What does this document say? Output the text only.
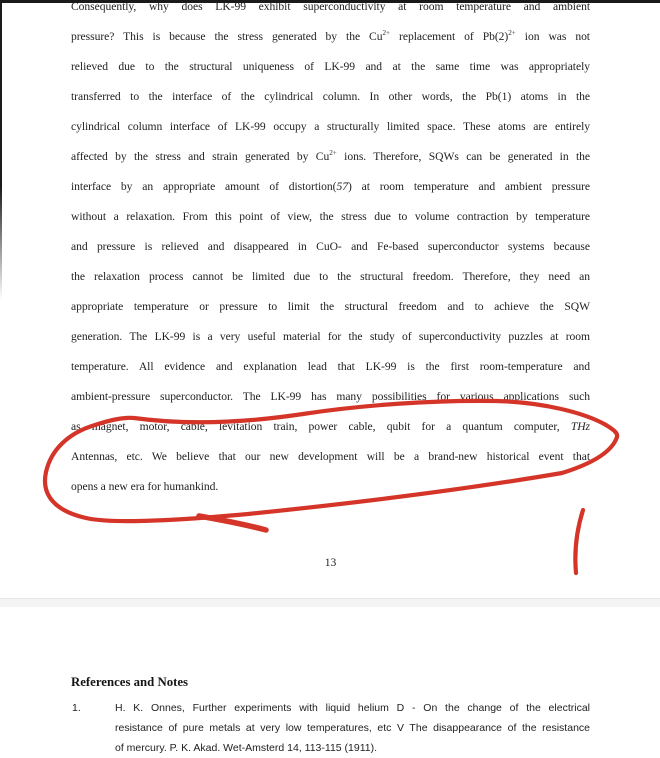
Consequently, why does LK-99 exhibit superconductivity at room temperature and ambient
pressure? This is because the stress generated by the $Cu^{2+}$ replacement of $Pb(2)^{2+}$ ion was not
relieved due to the structural uniqueness of LK-99 and at the same time was appropriately
transferred to the interface of the cylindrical column. In other words, the Pb(1) atoms in the
cylindrical column interface of LK-99 occupy a structurally limited space. These atoms are entirely
affected by the stress and strain generated by $Cu^{2+}$ ions. Therefore, SQWs can be generated in the
interface by an appropriate amount of distortion(57) at room temperature and ambient pressure
without a relaxation. From this point of view, the stress due to volume contraction by temperature
and pressure is relieved and disappeared in CuO- and Fe-based superconductor systems because
the relaxation process cannot be limited due to the structural freedom. Therefore, they need an
appropriate temperature or pressure to limit the structural freedom and to achieve the SQW
generation. The LK-99 is a very useful material for the study of superconductivity puzzles at room
temperature. All evidence and explanation lead that LK-99 is the first room-temperature and
ambient-pressure superconductor. The LK-99 has many possibilities for various applications such
as magnet, motor, cable, levitation train, power cable, qubit for a quantum computer, THz
Antennas, etc. We believe that our new development will be a brand-new historical event that
opens a new era for humankind.
13
References and Notes
1.	H. K. Onnes, Further experiments with liquid helium D - On the change of the electrical
resistance of pure metals at very low temperatures, etc V The disappearance of the resistance
of mercury. P. K. Akad. Wet-Amsterd 14, 113-115 (1911).
